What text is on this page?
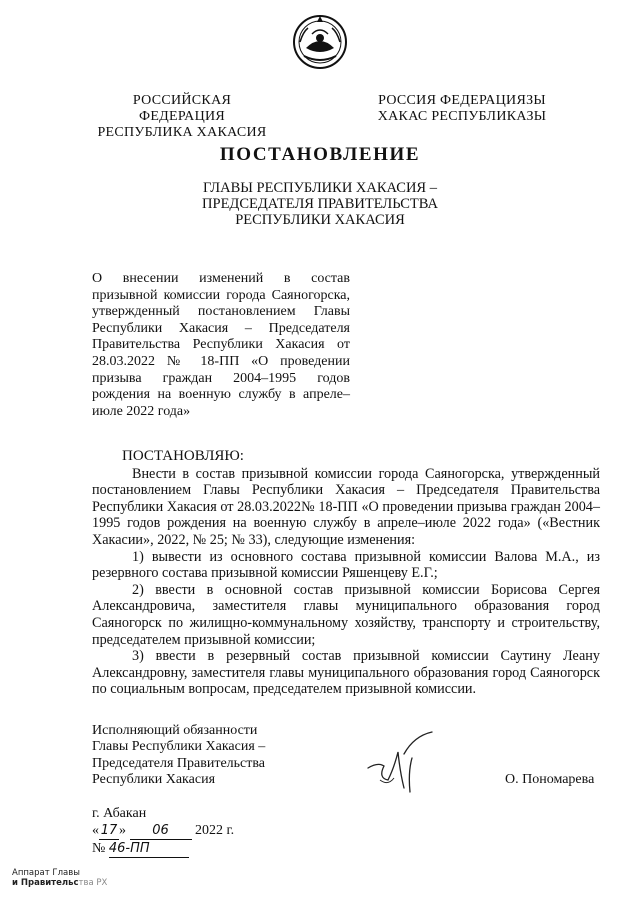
РОССИЙСКАЯ ФЕДЕРАЦИЯ
РЕСПУБЛИКА ХАКАСИЯ
РОССИЯ ФЕДЕРАЦИЯЗЫ
ХАКАС РЕСПУБЛИКАЗЫ
ПОСТАНОВЛЕНИЕ
ГЛАВЫ РЕСПУБЛИКИ ХАКАСИЯ –
ПРЕДСЕДАТЕЛЯ ПРАВИТЕЛЬСТВА
РЕСПУБЛИКИ ХАКАСИЯ
О внесении изменений в состав призывной комиссии города Саяногорска, утвержденный постановлением Главы Республики Хакасия – Председателя Правительства Республики Хакасия от 28.03.2022 № 18-ПП «О проведении призыва граждан 2004–1995 годов рождения на военную службу в апреле–июле 2022 года»

ПОСТАНОВЛЯЮ:

Внести в состав призывной комиссии города Саяногорска, утвержденный постановлением Главы Республики Хакасия – Председателя Правительства Республики Хакасия от 28.03.2022№ 18-ПП «О проведении призыва граждан 2004–1995 годов рождения на военную службу в апреле–июле 2022 года» («Вестник Хакасии», 2022, № 25; № 33), следующие изменения:

1) вывести из основного состава призывной комиссии Валова М.А., из резервного состава призывной комиссии Ряшенцеву Е.Г.;

2) ввести в основной состав призывной комиссии Борисова Сергея Александровича, заместителя главы муниципального образования город Саяногорск по жилищно-коммунальному хозяйству, транспорту и строительству, председателем призывной комиссии;

3) ввести в резервный состав призывной комиссии Саутину Леану Александровну, заместителя главы муниципального образования город Саяногорск по социальным вопросам, председателем призывной комиссии.

Исполняющий обязанности
Главы Республики Хакасия –
Председателя Правительства
Республики Хакасия	О. Пономарева
г. Абакан
« 17 » 06 2022 г.
№ 46-ПП
Аппарат Главы
и Правительства РХ
